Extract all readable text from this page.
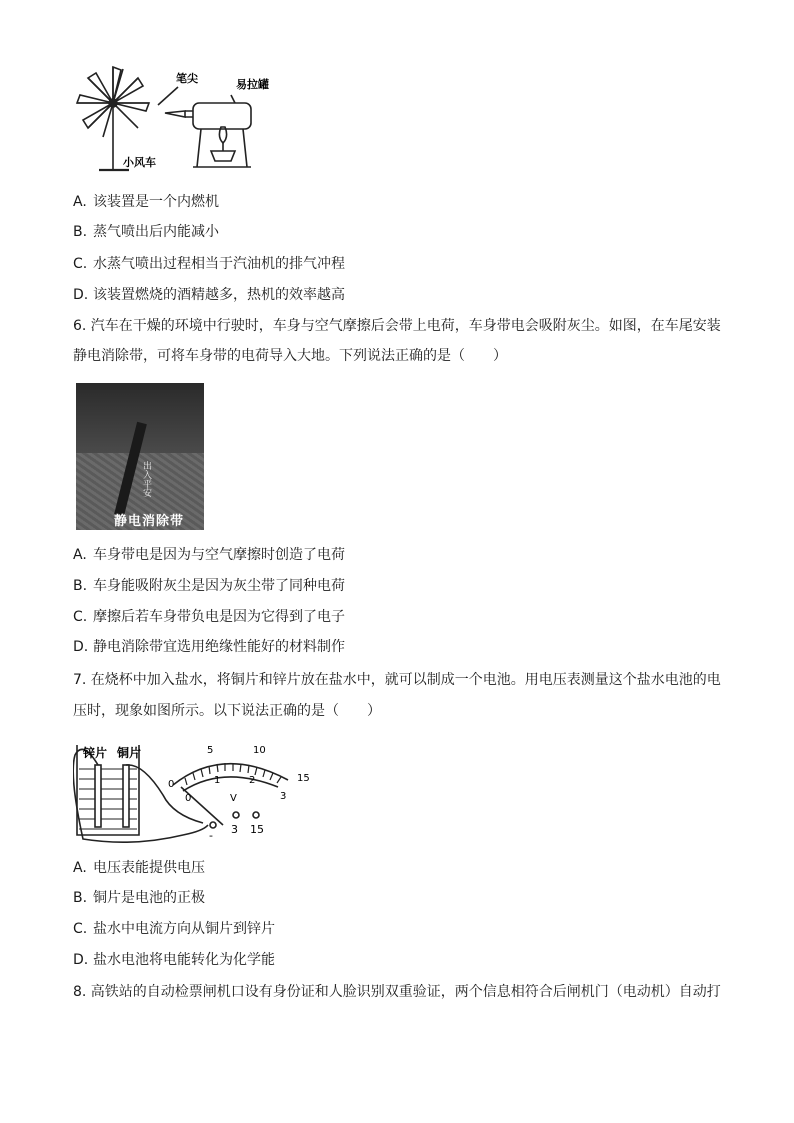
笔尖	易拉罐
小风车
A. 该装置是一个内燃机
B. 蒸气喷出后内能减小
C. 水蒸气喷出过程相当于汽油机的排气冲程
D. 该装置燃烧的酒精越多，热机的效率越高
6. 汽车在干燥的环境中行驶时，车身与空气摩擦后会带上电荷，车身带电会吸附灰尘。如图，在车尾安装
静电消除带，可将车身带的电荷导入大地。下列说法正确的是（　　）
出入平安
静电消除带
A. 车身带电是因为与空气摩擦时创造了电荷
B. 车身能吸附灰尘是因为灰尘带了同种电荷
C. 摩擦后若车身带负电是因为它得到了电子
D. 静电消除带宜选用绝缘性能好的材料制作
7. 在烧杯中加入盐水，将铜片和锌片放在盐水中，就可以制成一个电池。用电压表测量这个盐水电池的电
压时，现象如图所示。以下说法正确的是（　　）
锌片 铜片
0
5	10
15
0
1	2
3
V
- 3 15
A. 电压表能提供电压
B. 铜片是电池的正极
C. 盐水中电流方向从铜片到锌片
D. 盐水电池将电能转化为化学能
8. 高铁站的自动检票闸机口设有身份证和人脸识别双重验证，两个信息相符合后闸机门（电动机）自动打
